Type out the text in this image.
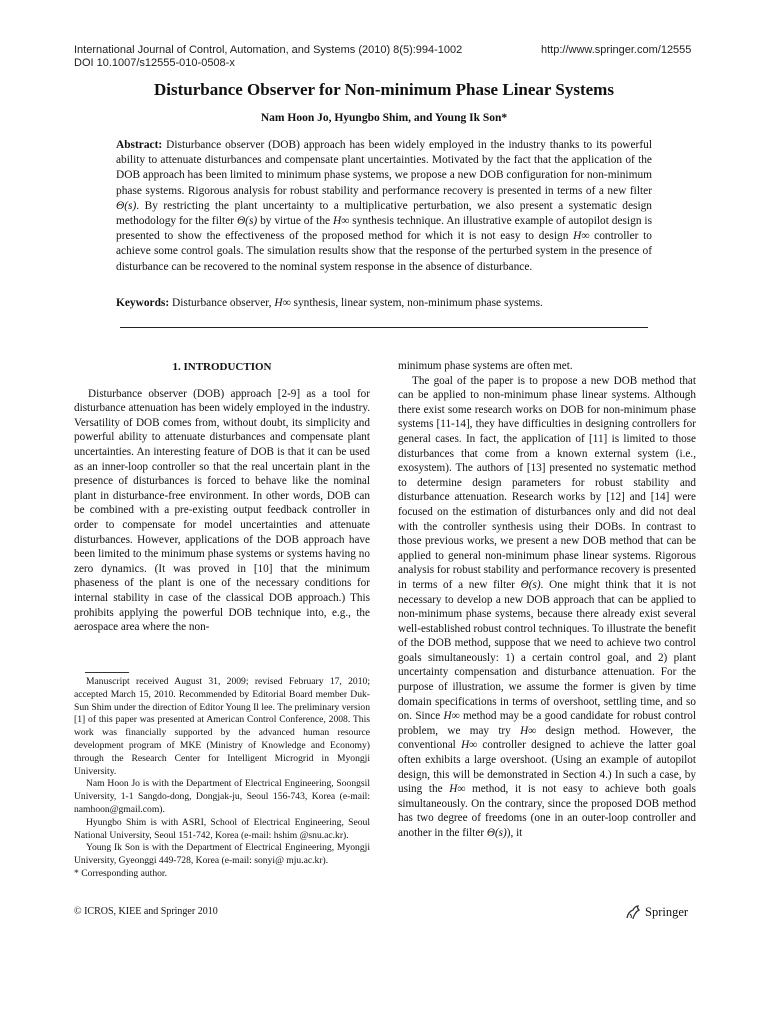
International Journal of Control, Automation, and Systems (2010) 8(5):994-1002
DOI 10.1007/s12555-010-0508-x
http://www.springer.com/12555
Disturbance Observer for Non-minimum Phase Linear Systems
Nam Hoon Jo, Hyungbo Shim, and Young Ik Son*
Abstract: Disturbance observer (DOB) approach has been widely employed in the industry thanks to its powerful ability to attenuate disturbances and compensate plant uncertainties. Motivated by the fact that the application of the DOB approach has been limited to minimum phase systems, we propose a new DOB configuration for non-minimum phase systems. Rigorous analysis for robust stability and performance recovery is presented in terms of a new filter Θ(s). By restricting the plant uncertainty to a multiplicative perturbation, we also present a systematic design methodology for the filter Θ(s) by virtue of the H∞ synthesis technique. An illustrative example of autopilot design is presented to show the effectiveness of the proposed method for which it is not easy to design H∞ controller to achieve some control goals. The simulation results show that the response of the perturbed system in the presence of disturbance can be recovered to the nominal system response in the absence of disturbance.
Keywords: Disturbance observer, H∞ synthesis, linear system, non-minimum phase systems.

1. INTRODUCTION

Disturbance observer (DOB) approach [2-9] as a tool for disturbance attenuation has been widely employed in the industry. Versatility of DOB comes from, without doubt, its simplicity and powerful ability to attenuate disturbances and compensate plant uncertainties. An interesting feature of DOB is that it can be used as an inner-loop controller so that the real uncertain plant in the presence of disturbances is forced to behave like the nominal plant in disturbance-free environment. In other words, DOB can be combined with a pre-existing output feedback controller in order to compensate for model uncertainties and attenuate disturbances. However, applications of the DOB approach have been limited to the minimum phase systems or systems having no zero dynamics. (It was proved in [10] that the minimum phaseness of the plant is one of the necessary conditions for internal stability in case of the classical DOB approach.) This prohibits applying the powerful DOB technique into, e.g., the aerospace area where the non-

Manuscript received August 31, 2009; revised February 17, 2010; accepted March 15, 2010. Recommended by Editorial Board member Duk-Sun Shim under the direction of Editor Young Il lee. The preliminary version [1] of this paper was presented at American Control Conference, 2008. This work was financially supported by the advanced human resource development program of MKE (Ministry of Knowledge and Economy) through the Research Center for Intelligent Microgrid in Myongji University.

Nam Hoon Jo is with the Department of Electrical Engineering, Soongsil University, 1-1 Sangdo-dong, Dongjak-ju, Seoul 156-743, Korea (e-mail: namhoon@gmail.com).

Hyungbo Shim is with ASRI, School of Electrical Engineering, Seoul National University, Seoul 151-742, Korea (e-mail: hshim @snu.ac.kr).

Young Ik Son is with the Department of Electrical Engineering, Myongji University, Gyeonggi 449-728, Korea (e-mail: sonyi@ mju.ac.kr).

* Corresponding author.

minimum phase systems are often met.

The goal of the paper is to propose a new DOB method that can be applied to non-minimum phase linear systems. Although there exist some research works on DOB for non-minimum phase systems [11-14], they have difficulties in designing controllers for general cases. In fact, the application of [11] is limited to those disturbances that come from a known external system (i.e., exosystem). The authors of [13] presented no systematic method to determine design parameters for robust stability and disturbance attenuation. Research works by [12] and [14] were focused on the estimation of disturbances only and did not deal with the controller synthesis using their DOBs. In contrast to those previous works, we present a new DOB method that can be applied to general non-minimum phase linear systems. Rigorous analysis for robust stability and performance recovery is presented in terms of a new filter Θ(s). One might think that it is not necessary to develop a new DOB approach that can be applied to non-minimum phase systems, because there already exist several well-established robust control techniques. To illustrate the benefit of the DOB method, suppose that we need to achieve two control goals simultaneously: 1) a certain control goal, and 2) plant uncertainty compensation and disturbance attenuation. For the purpose of illustration, we assume the former is given by time domain specifications in terms of overshoot, settling time, and so on. Since H∞ method may be a good candidate for robust control problem, we may try H∞ design method. However, the conventional H∞ controller designed to achieve the latter goal often exhibits a large overshoot. (Using an example of autopilot design, this will be demonstrated in Section 4.) In such a case, by using the H∞ method, it is not easy to achieve both goals simultaneously. On the contrary, since the proposed DOB method has two degree of freedoms (one in an outer-loop controller and another in the filter Θ(s)), it

© ICROS, KIEE and Springer 2010	Springer
